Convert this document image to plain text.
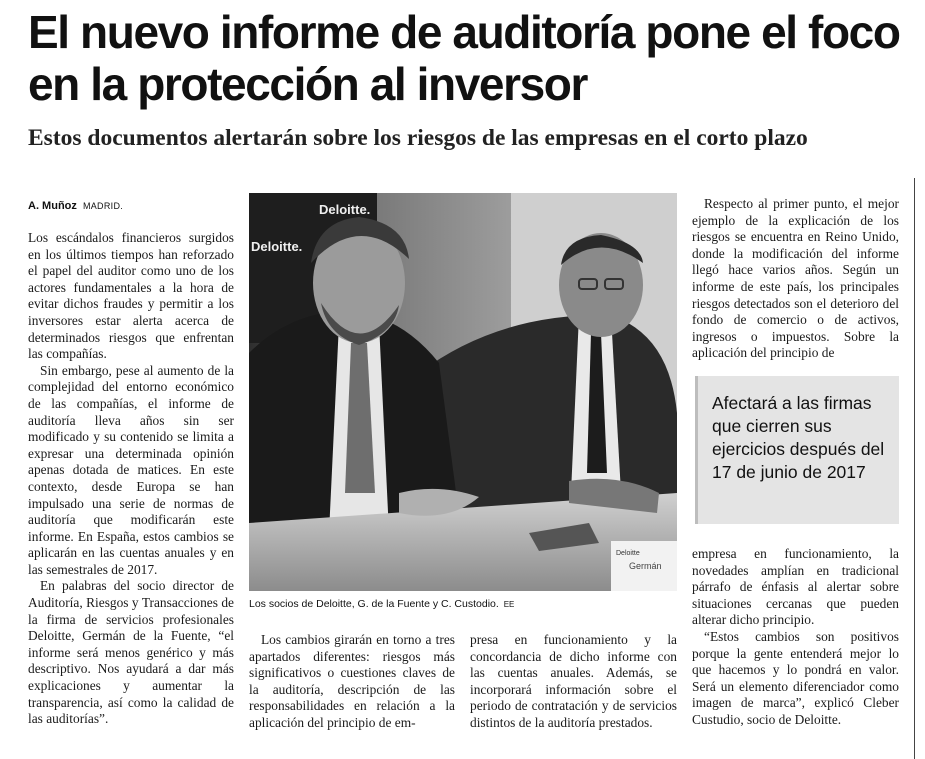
El nuevo informe de auditoría pone el foco en la protección al inversor
Estos documentos alertarán sobre los riesgos de las empresas en el corto plazo
A. Muñoz MADRID.

Los escándalos financieros surgidos en los últimos tiempos han reforzado el papel del auditor como uno de los actores fundamentales a la hora de evitar dichos fraudes y permitir a los inversores estar alerta acerca de determinados riesgos que enfrentan las compañías.

Sin embargo, pese al aumento de la complejidad del entorno económico de las compañías, el informe de auditoría lleva años sin ser modificado y su contenido se limita a expresar una determinada opinión apenas dotada de matices. En este contexto, desde Europa se han impulsado una serie de normas de auditoría que modificarán este informe. En España, estos cambios se aplicarán en las cuentas anuales y en las semestrales de 2017.

En palabras del socio director de Auditoría, Riesgos y Transacciones de la firma de servicios profesionales Deloitte, Germán de la Fuente, “el informe será menos genérico y más descriptivo. Nos ayudará a dar más explicaciones y aumentar la transparencia, así como la calidad de las auditorías”.

Deloitte.
Deloitte.
Deloitte
Germán
Los socios de Deloitte, G. de la Fuente y C. Custodio. EE

Los cambios girarán en torno a tres apartados diferentes: riesgos más significativos o cuestiones claves de la auditoría, descripción de las responsabilidades en relación a la aplicación del principio de em-

presa en funcionamiento y la concordancia de dicho informe con las cuentas anuales. Además, se incorporará información sobre el periodo de contratación y de servicios distintos de la auditoría prestados.

Respecto al primer punto, el mejor ejemplo de la explicación de los riesgos se encuentra en Reino Unido, donde la modificación del informe llegó hace varios años. Según un informe de este país, los principales riesgos detectados son el deterioro del fondo de comercio o de activos, ingresos o impuestos. Sobre la aplicación del principio de

Afectará a las firmas que cierren sus ejercicios después del 17 de junio de 2017

empresa en funcionamiento, la novedades amplían en tradicional párrafo de énfasis al alertar sobre situaciones cercanas que pueden alterar dicho principio.

“Estos cambios son positivos porque la gente entenderá mejor lo que hacemos y lo pondrá en valor. Será un elemento diferenciador como imagen de marca”, explicó Cleber Custudio, socio de Deloitte.
